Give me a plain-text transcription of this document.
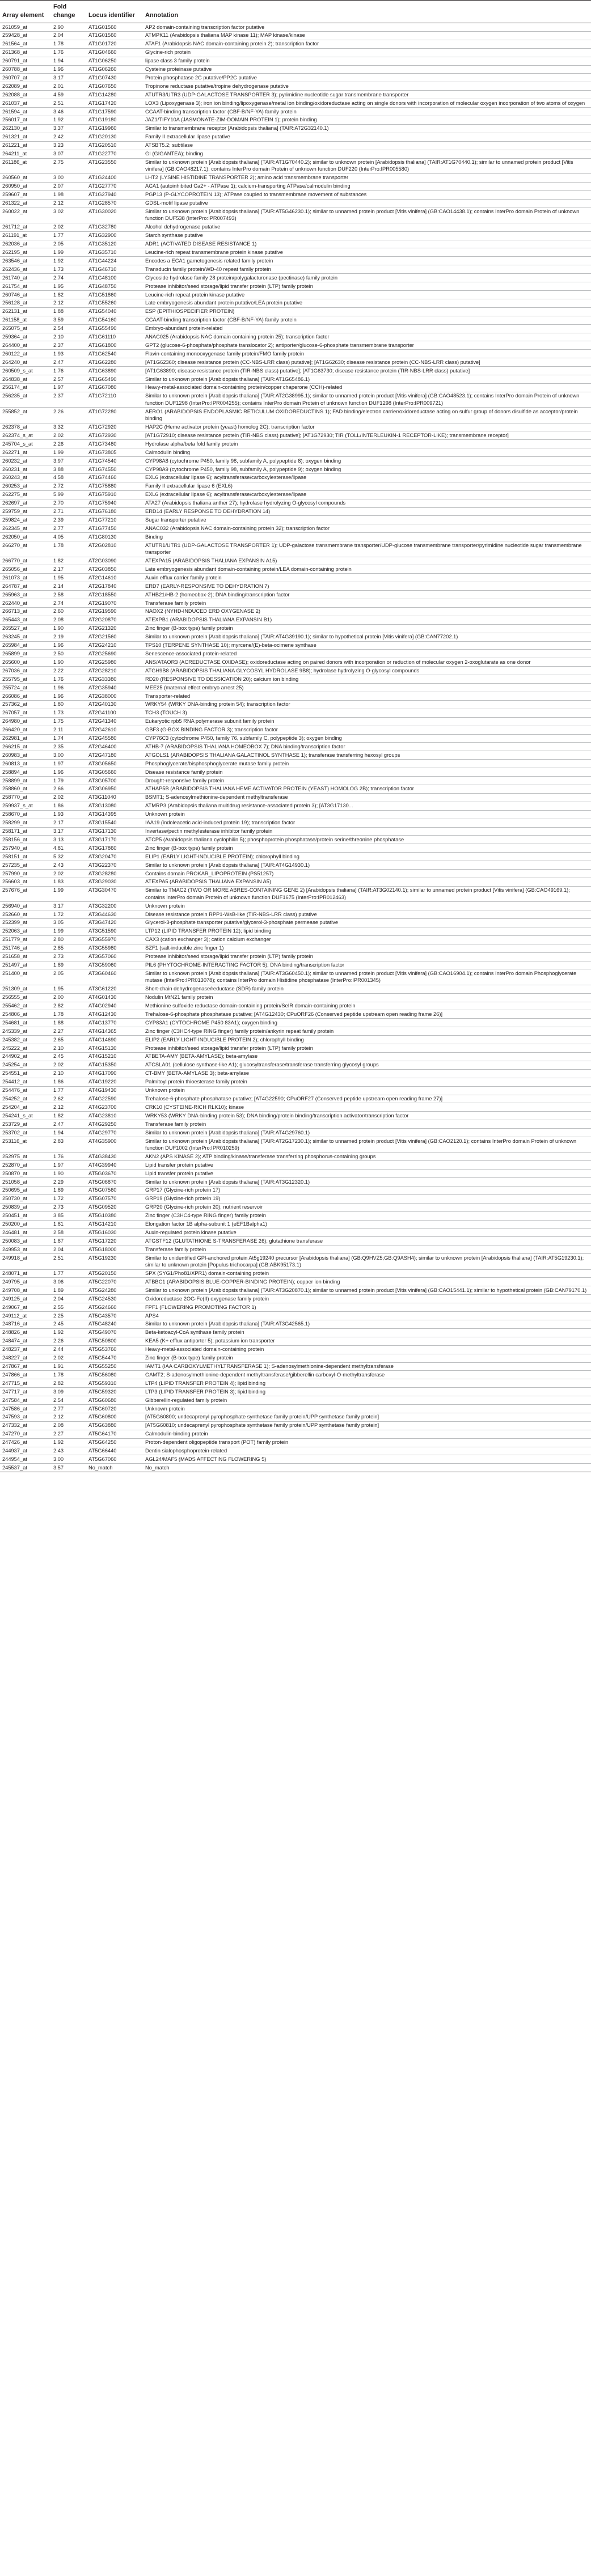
Array element	Fold change	Locus identifier	Annotation
261059_at	2.90	AT1G01560	AP2 domain-containing transcription factor putative
259428_at	2.04	AT1G01560	ATMPK11 (Arabidopsis thaliana MAP kinase 11); MAP kinase/kinase
261564_at	1.78	AT1G01720	ATAF1 (Arabidopsis NAC domain-containing protein 2); transcription factor
261368_at	1.76	AT1G04660	Glycine-rich protein
260791_at	1.94	AT1G06250	lipase class 3 family protein
260788_at	1.96	AT1G06260	Cysteine proteinase putative
260707_at	3.17	AT1G07430	Protein phosphatase 2C putative/PP2C putative
262089_at	2.01	AT1G07650	Tropinone reductase putative/tropine dehydrogenase putative
262088_at	4.59	AT1G14280	ATUTR3/UTR3 (UDP-GALACTOSE TRANSPORTER 3); pyrimidine nucleotide sugar transmembrane transporter
261037_at	2.51	AT1G17420	LOX3 (Lipoxygenase 3); iron ion binding/lipoxygenase/metal ion binding/oxidoreductase acting on single donors with incorporation of molecular oxygen incorporation of two atoms of oxygen
261594_at	3.46	AT1G17590	CCAAT-binding transcription factor (CBF-B/NF-YA) family protein
256017_at	1.92	AT1G19180	JAZ1/TIFY10A (JASMONATE-ZIM-DOMAIN PROTEIN 1); protein binding
262130_at	3.37	AT1G19960	Similar to transmembrane receptor [Arabidopsis thaliana] (TAIR:AT2G32140.1)
261321_at	2.42	AT1G20130	Family II extracellular lipase putative
261221_at	3.23	AT1G20510	ATSBT5.2; subtilase
264211_at	3.07	AT1G22770	GI (GIGANTEA); binding
261186_at	2.75	AT1G23550	Similar to unknown protein [Arabidopsis thaliana] (TAIR:AT1G70440.2); similar to unknown protein [Arabidopsis thaliana] (TAIR:AT1G70440.1); similar to unnamed protein product [Vitis vinifera] (GB:CAO48217.1); contains InterPro domain Protein of unknown function DUF220 (InterPro:IPR005580)
260560_at	3.00	AT1G24400	LHT2 (LYSINE HISTIDINE TRANSPORTER 2); amino acid transmembrane transporter
260950_at	2.07	AT1G27770	ACA1 (autoinhibited Ca2+ - ATPase 1); calcium-transporting ATPase/calmodulin binding
259607_at	1.98	AT1G27940	PGP13 (P-GLYCOPROTEIN 13); ATPase coupled to transmembrane movement of substances
261322_at	2.12	AT1G28570	GDSL-motif lipase putative
260022_at	3.02	AT1G30020	Similar to unknown protein [Arabidopsis thaliana] (TAIR:AT5G46230.1); similar to unnamed protein product [Vitis vinifera] (GB:CAO14438.1); contains InterPro domain Protein of unknown function DUF538 (InterPro:IPR007493)
261712_at	2.02	AT1G32780	Alcohol dehydrogenase putative
261191_at	1.77	AT1G32900	Starch synthase putative
262036_at	2.05	AT1G35120	ADR1 (ACTIVATED DISEASE RESISTANCE 1)
262195_at	1.99	AT1G35710	Leucine-rich repeat transmembrane protein kinase putative
263546_at	1.92	AT1G44224	Encodes a ECA1 gametogenesis related family protein
262436_at	1.73	AT1G46710	Transducin family protein/WD-40 repeat family protein
261740_at	2.74	AT1G48100	Glycoside hydrolase family 28 protein/polygalacturonase (pectinase) family protein
261754_at	1.95	AT1G48750	Protease inhibitor/seed storage/lipid transfer protein (LTP) family protein
260746_at	1.82	AT1G51860	Leucine-rich repeat protein kinase putative
256128_at	2.12	AT1G55260	Late embryogenesis abundant protein putative/LEA protein putative
262131_at	1.88	AT1G54040	ESP (EPITHIOSPECIFIER PROTEIN)
261158_at	3.59	AT1G54160	CCAAT-binding transcription factor (CBF-B/NF-YA) family protein
265075_at	2.54	AT1G55490	Embryo-abundant protein-related
259364_at	2.10	AT1G61110	ANAC025 (Arabidopsis NAC domain containing protein 25); transcription factor
264400_at	2.37	AT1G61800	GPT2 (glucose-6-phosphate/phosphate translocator 2); antiporter/glucose-6-phosphate transmembrane transporter
260122_at	1.93	AT1G62540	Flavin-containing monooxygenase family protein/FMO family protein
264240_at	2.47	AT1G62280	[AT1G62360; disease resistance protein (CC-NBS-LRR class) putative]; [AT1G62630; disease resistance protein (CC-NBS-LRR class) putative]
260509_s_at	1.76	AT1G63890	[AT1G63890; disease resistance protein (TIR-NBS class) putative]; [AT1G63730; disease resistance protein (TIR-NBS-LRR class) putative]
264838_at	2.57	AT1G65490	Similar to unknown protein [Arabidopsis thaliana] (TAIR:AT1G65486.1)
256174_at	1.97	AT1G67080	Heavy-metal-associated domain-containing protein/copper chaperone (CCH)-related
256235_at	2.37	AT1G72110	Similar to unknown protein [Arabidopsis thaliana] (TAIR:AT2G38995.1); similar to unnamed protein product [Vitis vinifera] (GB:CAO48523.1); contains InterPro domain Protein of unknown function DUF1298 (InterPro:IPR004255); contains InterPro domain Protein of unknown function DUF1298 (InterPro:IPR009721)
255852_at	2.26	AT1G72280	AERO1 (ARABIDOPSIS ENDOPLASMIC RETICULUM OXIDOREDUCTINS 1); FAD binding/electron carrier/oxidoreductase acting on sulfur group of donors disulfide as acceptor/protein binding
262378_at	3.32	AT1G72920	HAP2C (Heme activator protein (yeast) homolog 2C); transcription factor
262374_s_at	2.02	AT1G72930	[AT1G72910; disease resistance protein (TIR-NBS class) putative]; [AT1G72930; TIR (TOLL/INTERLEUKIN-1 RECEPTOR-LIKE); transmembrane receptor]
245704_s_at	2.26	AT1G73480	Hydrolase alpha/beta fold family protein
262271_at	1.99	AT1G73805	Calmodulin binding
260232_at	3.97	AT1G74540	CYP98A8 (cytochrome P450, family 98, subfamily A, polypeptide 8); oxygen binding
260231_at	3.88	AT1G74550	CYP98A9 (cytochrome P450, family 98, subfamily A, polypeptide 9); oxygen binding
260243_at	4.58	AT1G74460	EXL6 (extracellular lipase 6); acyltransferase/carboxylesterase/lipase
260253_at	2.72	AT1G75880	Family II extracellular lipase 6 (EXL6)
262275_at	5.99	AT1G75910	EXL6 (extracellular lipase 6); acyltransferase/carboxylesterase/lipase
262697_at	2.70	AT1G75940	ATA27 (Arabidopsis thaliana anther 27); hydrolase hydrolyzing O-glycosyl compounds
259759_at	2.71	AT1G76180	ERD14 (EARLY RESPONSE TO DEHYDRATION 14)
259824_at	2.39	AT1G77210	Sugar transporter putative
262345_at	2.77	AT1G77450	ANAC032 (Arabidopsis NAC domain-containing protein 32); transcription factor
262050_at	4.05	AT1G80130	Binding
266270_at	1.78	AT2G02810	ATUTR1/UTR1 (UDP-GALACTOSE TRANSPORTER 1); UDP-galactose transmembrane transporter/UDP-glucose transmembrane transporter/pyrimidine nucleotide sugar transmembrane transporter
266770_at	1.82	AT2G03090	ATEXPA15 (ARABIDOPSIS THALIANA EXPANSIN A15)
265056_at	2.17	AT2G03850	Late embryogenesis abundant domain-containing protein/LEA domain-containing protein
261073_at	1.95	AT2G14610	Auxin efflux carrier family protein
264787_at	2.14	AT2G17840	ERD7 (EARLY-RESPONSIVE TO DEHYDRATION 7)
265963_at	2.58	AT2G18550	ATHB21/HB-2 (homeobox-2); DNA binding/transcription factor
262440_at	2.74	AT2G19070	Transferase family protein
266713_at	2.60	AT2G19590	NAOX2 (NYHD-INDUCED ERD OXYGENASE 2)
265443_at	2.08	AT2G20870	ATEXPB1 (ARABIDOPSIS THALIANA EXPANSIN B1)
265527_at	1.90	AT2G21320	Zinc finger (B-box type) family protein
263245_at	2.19	AT2G21560	Similar to unknown protein [Arabidopsis thaliana] (TAIR:AT4G39190.1); similar to hypothetical protein [Vitis vinifera] (GB:CAN77202.1)
265984_at	1.96	AT2G24210	TPS10 (TERPENE SYNTHASE 10); myrcene/(E)-beta-ocimene synthase
265899_at	2.50	AT2G25690	Senescence-associated protein-related
265600_at	1.90	AT2G25980	ANS/ATAOR3 (ACREDUCTASE OXIDASE); oxidoreductase acting on paired donors with incorporation or reduction of molecular oxygen 2-oxoglutarate as one donor
267036_at	2.22	AT2G28210	ATGH9B8 (ARABIDOPSIS THALIANA GLYCOSYL HYDROLASE 9B8); hydrolase hydrolyzing O-glycosyl compounds
255795_at	1.76	AT2G33380	RD20 (RESPONSIVE TO DESSICATION 20); calcium ion binding
255724_at	1.96	AT2G35940	MEE25 (maternal effect embryo arrest 25)
266086_at	1.96	AT2G38000	Transporter-related
257362_at	1.80	AT2G40130	WRKY54 (WRKY DNA-binding protein 54); transcription factor
267057_at	1.73	AT2G41100	TCH3 (TOUCH 3)
264980_at	1.75	AT2G41340	Eukaryotic rpb5 RNA polymerase subunit family protein
266420_at	2.11	AT2G42610	GBF3 (G-BOX BINDING FACTOR 3); transcription factor
262981_at	1.74	AT2G45580	CYP76C3 (cytochrome P450, family 76, subfamily C, polypeptide 3); oxygen binding
266215_at	2.35	AT2G46400	ATHB-7 (ARABIDOPSIS THALIANA HOMEOBOX 7); DNA binding/transcription factor
260983_at	3.00	AT2G47180	ATGOLS1 (ARABIDOPSIS THALIANA GALACTINOL SYNTHASE 1); transferase transferring hexosyl groups
260813_at	1.97	AT3G05650	Phosphoglycerate/bisphosphoglycerate mutase family protein
258894_at	1.96	AT3G05660	Disease resistance family protein
258899_at	1.79	AT3G05700	Drought-responsive family protein
258860_at	2.66	AT3G06950	ATHAP5B (ARABIDOPSIS THALIANA HEME ACTIVATOR PROTEIN (YEAST) HOMOLOG 2B); transcription factor
258770_at	2.02	AT3G11040	BSMT1; S-adenosylmethionine-dependent methyltransferase
259937_s_at	1.86	AT3G13080	ATMRP3 (Arabidopsis thaliana multidrug resistance-associated protein 3); [AT3G17130...
258670_at	1.93	AT3G14395	Unknown protein
258299_at	2.17	AT3G15540	IAA19 (indoleacetic acid-induced protein 19); transcription factor
258171_at	3.17	AT3G17130	Invertase/pectin methylesterase inhibitor family protein
258156_at	3.13	AT3G17170	ATCP5 (Arabidopsis thaliana cyclophilin 5); phosphoprotein phosphatase/protein serine/threonine phosphatase
257940_at	4.81	AT3G17860	Zinc finger (B-box type) family protein
258151_at	5.32	AT3G20470	ELIP1 (EARLY LIGHT-INDUCIBLE PROTEIN); chlorophyll binding
257235_at	2.43	AT3G22370	Similar to unknown protein [Arabidopsis thaliana] (TAIR:AT4G14930.1)
257990_at	2.02	AT3G28280	Contains domain PROKAR_LIPOPROTEIN (PS51257)
256603_at	1.83	AT3G29030	ATEXPA5 (ARABIDOPSIS THALIANA EXPANSIN A5)
257676_at	1.99	AT3G30470	Similar to TMAC2 (TWO OR MORE ABRES-CONTAINING GENE 2) [Arabidopsis thaliana] (TAIR:AT3G02140.1); similar to unnamed protein product [Vitis vinifera] (GB:CAO49169.1); contains InterPro domain Protein of unknown function DUF1675 (InterPro:IPR012463)
256940_at	3.17	AT3G32200	Unknown protein
252660_at	1.72	AT3G44630	Disease resistance protein RPP1-WsB-like (TIR-NBS-LRR class) putative
252399_at	3.05	AT3G47420	Glycerol-3-phosphate transporter putative/glycerol-3-phosphate permease putative
252063_at	1.99	AT3G51590	LTP12 (LIPID TRANSFER PROTEIN 12); lipid binding
251779_at	2.80	AT3G55970	CAX3 (cation exchanger 3); cation calcium exchanger
251746_at	2.85	AT3G55980	SZF1 (salt-inducible zinc finger 1)
251658_at	2.73	AT3G57060	Protease inhibitor/seed storage/lipid transfer protein (LTP) family protein
251497_at	1.89	AT3G59060	PIL6 (PHYTOCHROME-INTERACTING FACTOR 5); DNA binding/transcription factor
251400_at	2.05	AT3G60460	Similar to unknown protein [Arabidopsis thaliana] (TAIR:AT3G60450.1); similar to unnamed protein product [Vitis vinifera] (GB:CAO16904.1); contains InterPro domain Phosphoglycerate mutase (InterPro:IPR013078); contains InterPro domain Histidine phosphatase (InterPro:IPR001345)
251309_at	1.95	AT3G61220	Short-chain dehydrogenase/reductase (SDR) family protein
256555_at	2.00	AT4G01430	Nodulin MtN21 family protein
255462_at	2.82	AT4G02940	Methionine sulfoxide reductase domain-containing protein/SeIR domain-containing protein
254806_at	1.78	AT4G12430	Trehalose-6-phosphate phosphatase putative; [AT4G12430; CPuORF26 (Conserved peptide upstream open reading frame 26)]
254681_at	1.88	AT4G13770	CYP83A1 (CYTOCHROME P450 83A1); oxygen binding
245339_at	2.27	AT4G14365	Zinc finger (C3HC4-type RING finger) family protein/ankyrin repeat family protein
245382_at	2.65	AT4G14690	ELIP2 (EARLY LIGHT-INDUCIBLE PROTEIN 2); chlorophyll binding
245222_at	2.10	AT4G15130	Protease inhibitor/seed storage/lipid transfer protein (LTP) family protein
244902_at	2.45	AT4G15210	ATBETA-AMY (BETA-AMYLASE); beta-amylase
245254_at	2.02	AT4G15350	ATCSLA01 (cellulose synthase-like A1); glucosyltransferase/transferase transferring glycosyl groups
254551_at	2.10	AT4G17090	CT-BMY (BETA-AMYLASE 3); beta-amylase
254412_at	1.86	AT4G19220	Palmitoyl protein thioesterase family protein
254476_at	1.77	AT4G19430	Unknown protein
254252_at	2.62	AT4G22590	Trehalose-6-phosphate phosphatase putative; [AT4G22590; CPuORF27 (Conserved peptide upstream open reading frame 27)]
254204_at	2.12	AT4G23700	CRK10 (CYSTEINE-RICH RLK10); kinase
254241_s_at	1.82	AT4G23810	WRKY53 (WRKY DNA-binding protein 53); DNA binding/protein binding/transcription activator/transcription factor
253729_at	2.47	AT4G29250	Transferase family protein
253702_at	1.94	AT4G29770	Similar to unknown protein [Arabidopsis thaliana] (TAIR:AT4G29760.1)
253116_at	2.83	AT4G35900	Similar to unknown protein [Arabidopsis thaliana] (TAIR:AT2G17230.1); similar to unnamed protein product [Vitis vinifera] (GB:CAO2120.1); contains InterPro domain Protein of unknown function DUF1002 (InterPro:IPR010259)
252975_at	1.76	AT4G38430	AKN2 (APS KINASE 2); ATP binding/kinase/transferase transferring phosphorus-containing groups
252870_at	1.97	AT4G39940	Lipid transfer protein putative
250870_at	1.90	AT5G03670	Lipid transfer protein putative
251058_at	2.29	AT5G06870	Similar to unknown protein [Arabidopsis thaliana] (TAIR:AT3G12320.1)
250695_at	1.89	AT5G07560	GRP17 (Glycine-rich protein 17)
250730_at	1.72	AT5G07570	GRP19 (Glycine-rich protein 19)
250839_at	2.73	AT5G09520	GRP20 (Glycine-rich protein 20); nutrient reservoir
250451_at	3.85	AT5G10380	Zinc finger (C3HC4-type RING finger) family protein
250200_at	1.81	AT5G14210	Elongation factor 1B alpha-subunit 1 (eEF1Balpha1)
246481_at	2.58	AT5G16030	Auxin-regulated protein kinase putative
250083_at	1.87	AT5G17220	ATGSTF12 (GLUTATHIONE S-TRANSFERASE 26); glutathione transferase
249953_at	2.04	AT5G18000	Transferase family protein
249918_at	2.51	AT5G19230	Similar to unidentified GPI-anchored protein At5g19240 precursor [Arabidopsis thaliana] (GB:Q9HVZ5;GB:Q9ASH4); similar to unknown protein [Arabidopsis thaliana] (TAIR:AT5G19230.1); similar to unknown protein [Populus trichocarpa] (GB:ABK95173.1)
248071_at	1.77	AT5G20150	SPX (SYG1/Pho81/XPR1) domain-containing protein
249795_at	3.06	AT5G22070	ATBBC1 (ARABIDOPSIS BLUE-COPPER-BINDING PROTEIN); copper ion binding
249708_at	1.89	AT5G24280	Similar to unknown protein [Arabidopsis thaliana] (TAIR:AT3G20870.1); similar to unnamed protein product [Vitis vinifera] (GB:CAO15441.1); similar to hypothetical protein (GB:CAN79170.1)
249125_at	2.04	AT5G24530	Oxidoreductase 2OG-Fe(II) oxygenase family protein
249067_at	2.55	AT5G24660	FPF1 (FLOWERING PROMOTING FACTOR 1)
249112_at	2.25	AT5G43570	APS4
248716_at	2.45	AT5G48240	Similar to unknown protein [Arabidopsis thaliana] (TAIR:AT3G42565.1)
248826_at	1.92	AT5G49070	Beta-ketoacyl-CoA synthase family protein
248474_at	2.26	AT5G50800	KEA5 (K+ efflux antiporter 5); potassium ion transporter
248237_at	2.44	AT5G53760	Heavy-metal-associated domain-containing protein
248227_at	2.02	AT5G54470	Zinc finger (B-box type) family protein
247867_at	1.91	AT5G55250	IAMT1 (IAA CARBOXYLMETHYLTRANSFERASE 1); S-adenosylmethionine-dependent methyltransferase
247866_at	1.78	AT5G56080	GAMT2; S-adenosylmethionine-dependent methyltransferase/gibberellin carboxyl-O-methyltransferase
247715_at	2.82	AT5G59310	LTP4 (LIPID TRANSFER PROTEIN 4); lipid binding
247717_at	3.09	AT5G59320	LTP3 (LIPID TRANSFER PROTEIN 3); lipid binding
247584_at	2.54	AT5G60680	Gibberellin-regulated family protein
247586_at	2.77	AT5G60720	Unknown protein
247593_at	2.12	AT5G60800	[AT5G60800; undecaprenyl pyrophosphate synthetase family protein/UPP synthetase family protein]
247332_at	2.08	AT5G63880	[AT5G60810; undecaprenyl pyrophosphate synthetase family protein/UPP synthetase family protein]
247270_at	2.27	AT5G64170	Calmodulin-binding protein
247426_at	1.92	AT5G64250	Proton-dependent oligopeptide transport (POT) family protein
244937_at	2.43	AT5G66440	Dentin sialophosphoprotein-related
244954_at	3.00	AT5G67060	AGL24/MAF5 (MADS AFFECTING FLOWERING 5)
245537_at	3.57	No_match	No_match
